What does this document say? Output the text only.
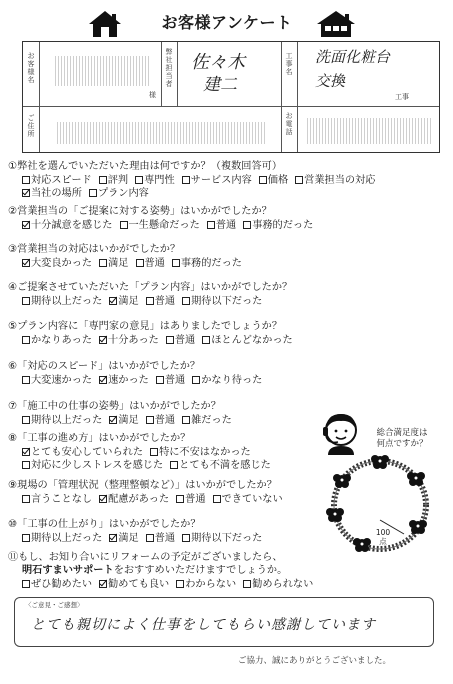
お客様アンケート
お客様名
様
弊社担当者
佐々木
建二
工事名
洗面化粧台
交換
工事
ご住所
お電話
①弊社を選んでいただいた理由は何ですか？（複数回答可）
対応スピード 評判 専門性 サービス内容 価格 営業担当の対応
当社の場所 プラン内容
②営業担当の「ご提案に対する姿勢」はいかがでしたか？
十分誠意を感じた 一生懸命だった 普通 事務的だった
③営業担当の対応はいかがでしたか？
大変良かった 満足 普通 事務的だった
④ご提案させていただいた「プラン内容」はいかがでしたか？
期待以上だった 満足 普通 期待以下だった
⑤プラン内容に「専門家の意見」はありましたでしょうか？
かなりあった 十分あった 普通 ほとんどなかった
⑥「対応のスピード」はいかがでしたか？
大変速かった 速かった 普通 かなり待った
⑦「施工中の仕事の姿勢」はいかがでしたか？
期待以上だった 満足 普通 雑だった
⑧「工事の進め方」はいかがでしたか？
とても安心していられた 特に不安はなかった
対応に少しストレスを感じた とても不満を感じた
⑨現場の「管理状況（整理整頓など）」はいかがでしたか？
言うことなし 配慮があった 普通 できていない
⑩「工事の仕上がり」はいかがでしたか？
期待以上だった 満足 普通 期待以下だった
⑪もし、お知り合いにリフォームの予定がございましたら、
明石すまいサポートをおすすめいただけますでしょうか。
ぜひ勧めたい 勧めても良い わからない 勧められない
総合満足度は
何点ですか？
100
点
〈ご意見・ご感想〉
とても親切によく仕事をしてもらい感謝しています
ご協力、誠にありがとうございました。
